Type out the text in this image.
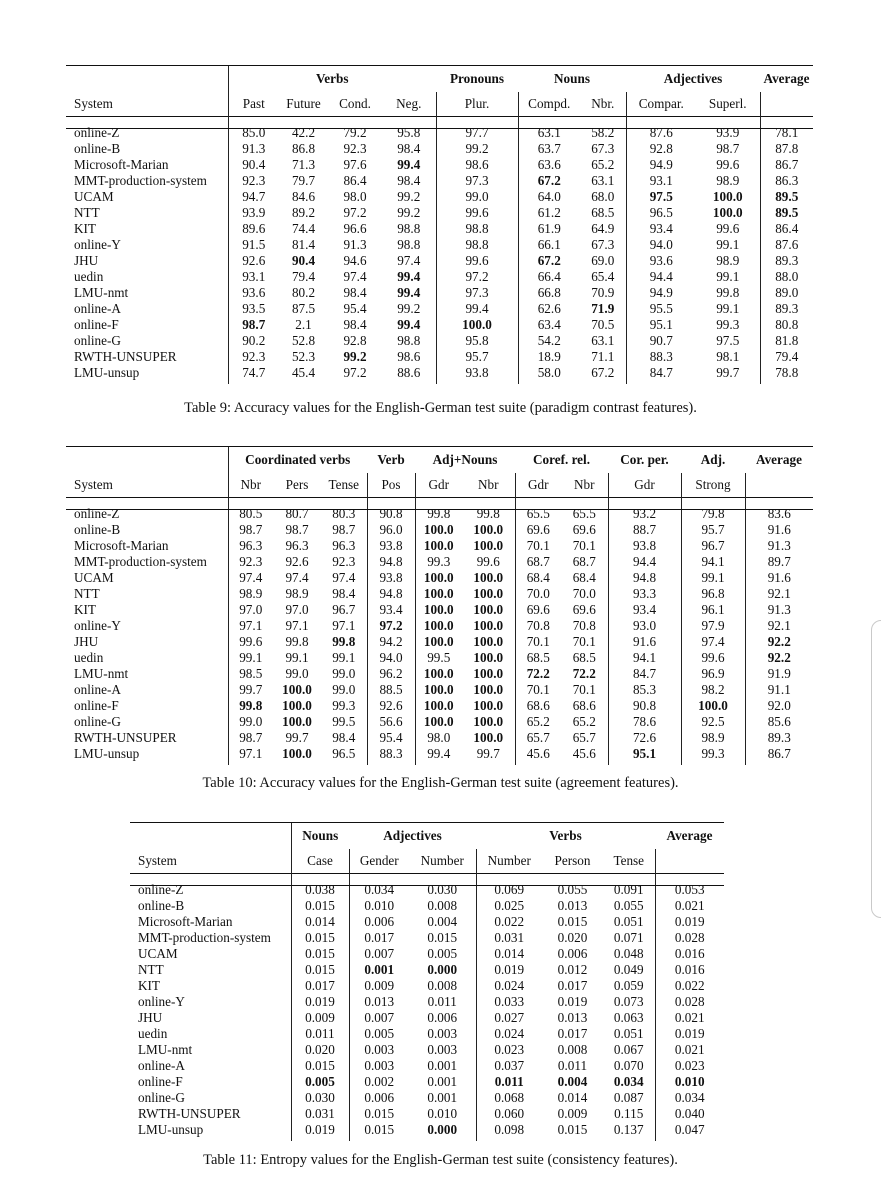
	Verbs				Pronouns	Nouns		Adjectives		Average
System	Past	Future	Cond.	Neg.	Plur.	Compd.	Nbr.	Compar.	Superl.	
online-Z	85.0	42.2	79.2	95.8	97.7	63.1	58.2	87.6	93.9	78.1
online-B	91.3	86.8	92.3	98.4	99.2	63.7	67.3	92.8	98.7	87.8
Microsoft-Marian	90.4	71.3	97.6	99.4	98.6	63.6	65.2	94.9	99.6	86.7
MMT-production-system	92.3	79.7	86.4	98.4	97.3	67.2	63.1	93.1	98.9	86.3
UCAM	94.7	84.6	98.0	99.2	99.0	64.0	68.0	97.5	100.0	89.5
NTT	93.9	89.2	97.2	99.2	99.6	61.2	68.5	96.5	100.0	89.5
KIT	89.6	74.4	96.6	98.8	98.8	61.9	64.9	93.4	99.6	86.4
online-Y	91.5	81.4	91.3	98.8	98.8	66.1	67.3	94.0	99.1	87.6
JHU	92.6	90.4	94.6	97.4	99.6	67.2	69.0	93.6	98.9	89.3
uedin	93.1	79.4	97.4	99.4	97.2	66.4	65.4	94.4	99.1	88.0
LMU-nmt	93.6	80.2	98.4	99.4	97.3	66.8	70.9	94.9	99.8	89.0
online-A	93.5	87.5	95.4	99.2	99.4	62.6	71.9	95.5	99.1	89.3
online-F	98.7	2.1	98.4	99.4	100.0	63.4	70.5	95.1	99.3	80.8
online-G	90.2	52.8	92.8	98.8	95.8	54.2	63.1	90.7	97.5	81.8
RWTH-UNSUPER	92.3	52.3	99.2	98.6	95.7	18.9	71.1	88.3	98.1	79.4
LMU-unsup	74.7	45.4	97.2	88.6	93.8	58.0	67.2	84.7	99.7	78.8
Table 9: Accuracy values for the English-German test suite (paradigm contrast features).
	Coordinated verbs			Verb	Adj+Nouns		Coref. rel.		Cor. per.	Adj.	Average
System	Nbr	Pers	Tense	Pos	Gdr	Nbr	Gdr	Nbr	Gdr	Strong	
online-Z	80.5	80.7	80.3	90.8	99.8	99.8	65.5	65.5	93.2	79.8	83.6
online-B	98.7	98.7	98.7	96.0	100.0	100.0	69.6	69.6	88.7	95.7	91.6
Microsoft-Marian	96.3	96.3	96.3	93.8	100.0	100.0	70.1	70.1	93.8	96.7	91.3
MMT-production-system	92.3	92.6	92.3	94.8	99.3	99.6	68.7	68.7	94.4	94.1	89.7
UCAM	97.4	97.4	97.4	93.8	100.0	100.0	68.4	68.4	94.8	99.1	91.6
NTT	98.9	98.9	98.4	94.8	100.0	100.0	70.0	70.0	93.3	96.8	92.1
KIT	97.0	97.0	96.7	93.4	100.0	100.0	69.6	69.6	93.4	96.1	91.3
online-Y	97.1	97.1	97.1	97.2	100.0	100.0	70.8	70.8	93.0	97.9	92.1
JHU	99.6	99.8	99.8	94.2	100.0	100.0	70.1	70.1	91.6	97.4	92.2
uedin	99.1	99.1	99.1	94.0	99.5	100.0	68.5	68.5	94.1	99.6	92.2
LMU-nmt	98.5	99.0	99.0	96.2	100.0	100.0	72.2	72.2	84.7	96.9	91.9
online-A	99.7	100.0	99.0	88.5	100.0	100.0	70.1	70.1	85.3	98.2	91.1
online-F	99.8	100.0	99.3	92.6	100.0	100.0	68.6	68.6	90.8	100.0	92.0
online-G	99.0	100.0	99.5	56.6	100.0	100.0	65.2	65.2	78.6	92.5	85.6
RWTH-UNSUPER	98.7	99.7	98.4	95.4	98.0	100.0	65.7	65.7	72.6	98.9	89.3
LMU-unsup	97.1	100.0	96.5	88.3	99.4	99.7	45.6	45.6	95.1	99.3	86.7
Table 10: Accuracy values for the English-German test suite (agreement features).
	Nouns	Adjectives		Verbs			Average
System	Case	Gender	Number	Number	Person	Tense	
online-Z	0.038	0.034	0.030	0.069	0.055	0.091	0.053
online-B	0.015	0.010	0.008	0.025	0.013	0.055	0.021
Microsoft-Marian	0.014	0.006	0.004	0.022	0.015	0.051	0.019
MMT-production-system	0.015	0.017	0.015	0.031	0.020	0.071	0.028
UCAM	0.015	0.007	0.005	0.014	0.006	0.048	0.016
NTT	0.015	0.001	0.000	0.019	0.012	0.049	0.016
KIT	0.017	0.009	0.008	0.024	0.017	0.059	0.022
online-Y	0.019	0.013	0.011	0.033	0.019	0.073	0.028
JHU	0.009	0.007	0.006	0.027	0.013	0.063	0.021
uedin	0.011	0.005	0.003	0.024	0.017	0.051	0.019
LMU-nmt	0.020	0.003	0.003	0.023	0.008	0.067	0.021
online-A	0.015	0.003	0.001	0.037	0.011	0.070	0.023
online-F	0.005	0.002	0.001	0.011	0.004	0.034	0.010
online-G	0.030	0.006	0.001	0.068	0.014	0.087	0.034
RWTH-UNSUPER	0.031	0.015	0.010	0.060	0.009	0.115	0.040
LMU-unsup	0.019	0.015	0.000	0.098	0.015	0.137	0.047
Table 11: Entropy values for the English-German test suite (consistency features).
